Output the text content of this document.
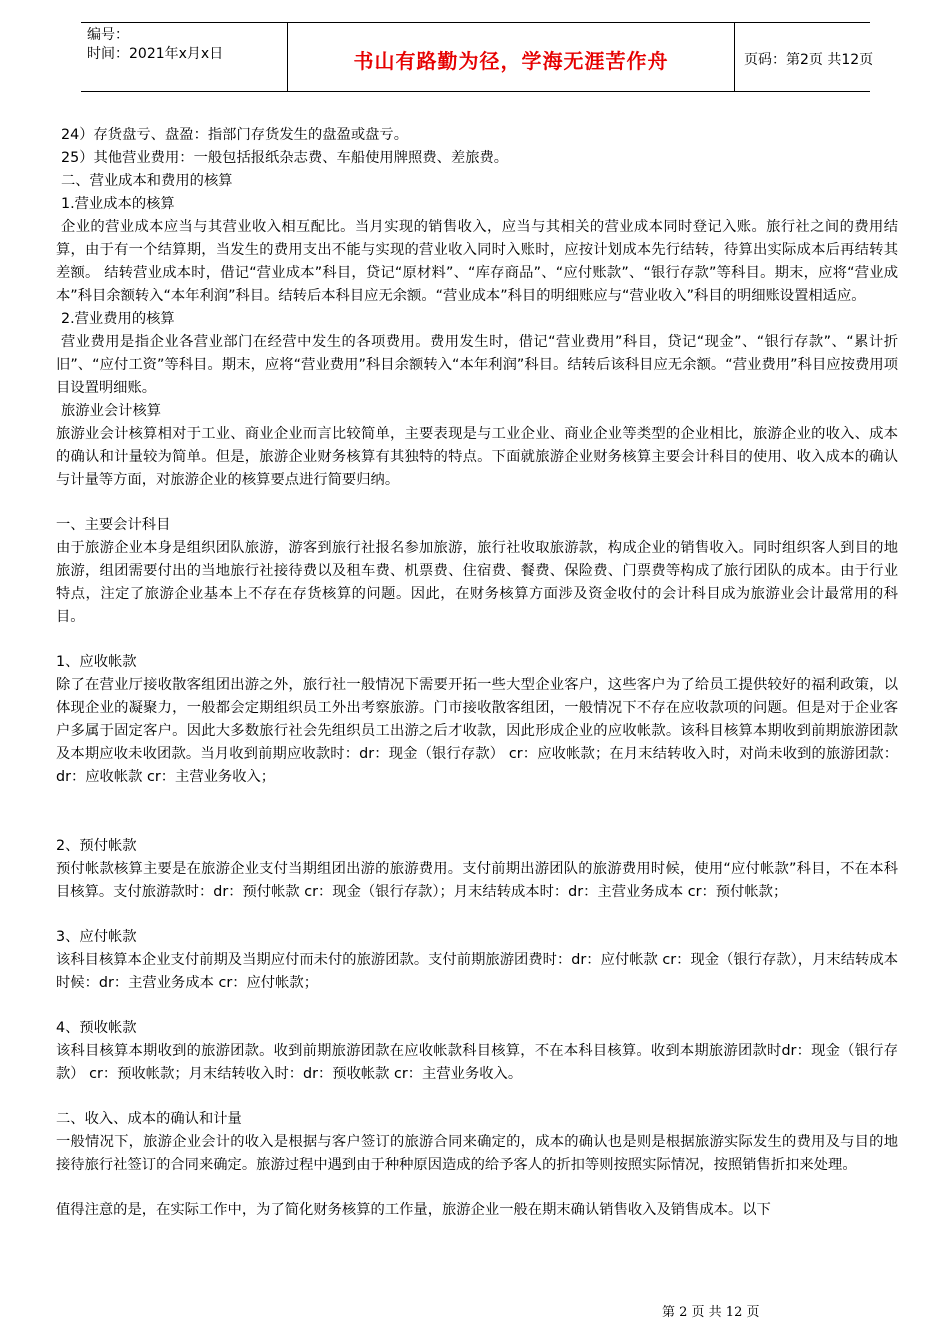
编号：
时间：2021年x月x日	书山有路勤为径，学海无涯苦作舟	页码：第2页 共12页

24）存货盘亏、盘盈：指部门存货发生的盘盈或盘亏。

25）其他营业费用：一般包括报纸杂志费、车船使用牌照费、差旅费。

二、营业成本和费用的核算

1.营业成本的核算

企业的营业成本应当与其营业收入相互配比。当月实现的销售收入，应当与其相关的营业成本同时登记入账。旅行社之间的费用结算，由于有一个结算期，当发生的费用支出不能与实现的营业收入同时入账时，应按计划成本先行结转，待算出实际成本后再结转其差额。 结转营业成本时，借记“营业成本”科目，贷记“原材料”、“库存商品”、“应付账款”、“银行存款”等科目。期末，应将“营业成本”科目余额转入“本年利润”科目。结转后本科目应无余额。“营业成本”科目的明细账应与“营业收入”科目的明细账设置相适应。

2.营业费用的核算

营业费用是指企业各营业部门在经营中发生的各项费用。费用发生时，借记“营业费用”科目，贷记“现金”、“银行存款”、“累计折旧”、“应付工资”等科目。期末，应将“营业费用”科目余额转入“本年利润”科目。结转后该科目应无余额。“营业费用”科目应按费用项目设置明细账。

旅游业会计核算

旅游业会计核算相对于工业、商业企业而言比较简单，主要表现是与工业企业、商业企业等类型的企业相比，旅游企业的收入、成本的确认和计量较为简单。但是，旅游企业财务核算有其独特的特点。下面就旅游企业财务核算主要会计科目的使用、收入成本的确认与计量等方面，对旅游企业的核算要点进行简要归纳。

一、主要会计科目

由于旅游企业本身是组织团队旅游，游客到旅行社报名参加旅游，旅行社收取旅游款，构成企业的销售收入。同时组织客人到目的地旅游，组团需要付出的当地旅行社接待费以及租车费、机票费、住宿费、餐费、保险费、门票费等构成了旅行团队的成本。由于行业特点，注定了旅游企业基本上不存在存货核算的问题。因此，在财务核算方面涉及资金收付的会计科目成为旅游业会计最常用的科目。

1、应收帐款

除了在营业厅接收散客组团出游之外，旅行社一般情况下需要开拓一些大型企业客户，这些客户为了给员工提供较好的福利政策，以体现企业的凝聚力，一般都会定期组织员工外出考察旅游。门市接收散客组团，一般情况下不存在应收款项的问题。但是对于企业客户多属于固定客户。因此大多数旅行社会先组织员工出游之后才收款，因此形成企业的应收帐款。该科目核算本期收到前期旅游团款及本期应收未收团款。当月收到前期应收款时：dr：现金（银行存款） cr：应收帐款；在月末结转收入时，对尚未收到的旅游团款：dr：应收帐款 cr：主营业务收入；

2、预付帐款

预付帐款核算主要是在旅游企业支付当期组团出游的旅游费用。支付前期出游团队的旅游费用时候，使用“应付帐款”科目，不在本科目核算。支付旅游款时：dr：预付帐款 cr：现金（银行存款）；月末结转成本时：dr：主营业务成本 cr：预付帐款；

3、应付帐款

该科目核算本企业支付前期及当期应付而未付的旅游团款。支付前期旅游团费时：dr：应付帐款 cr：现金（银行存款），月末结转成本时候：dr：主营业务成本 cr：应付帐款；

4、预收帐款

该科目核算本期收到的旅游团款。收到前期旅游团款在应收帐款科目核算，不在本科目核算。收到本期旅游团款时dr：现金（银行存款） cr：预收帐款；月末结转收入时：dr：预收帐款 cr：主营业务收入。

二、收入、成本的确认和计量

一般情况下，旅游企业会计的收入是根据与客户签订的旅游合同来确定的，成本的确认也是则是根据旅游实际发生的费用及与目的地接待旅行社签订的合同来确定。旅游过程中遇到由于种种原因造成的给予客人的折扣等则按照实际情况，按照销售折扣来处理。

值得注意的是，在实际工作中，为了简化财务核算的工作量，旅游企业一般在期末确认销售收入及销售成本。以下

第 2 页 共 12 页
